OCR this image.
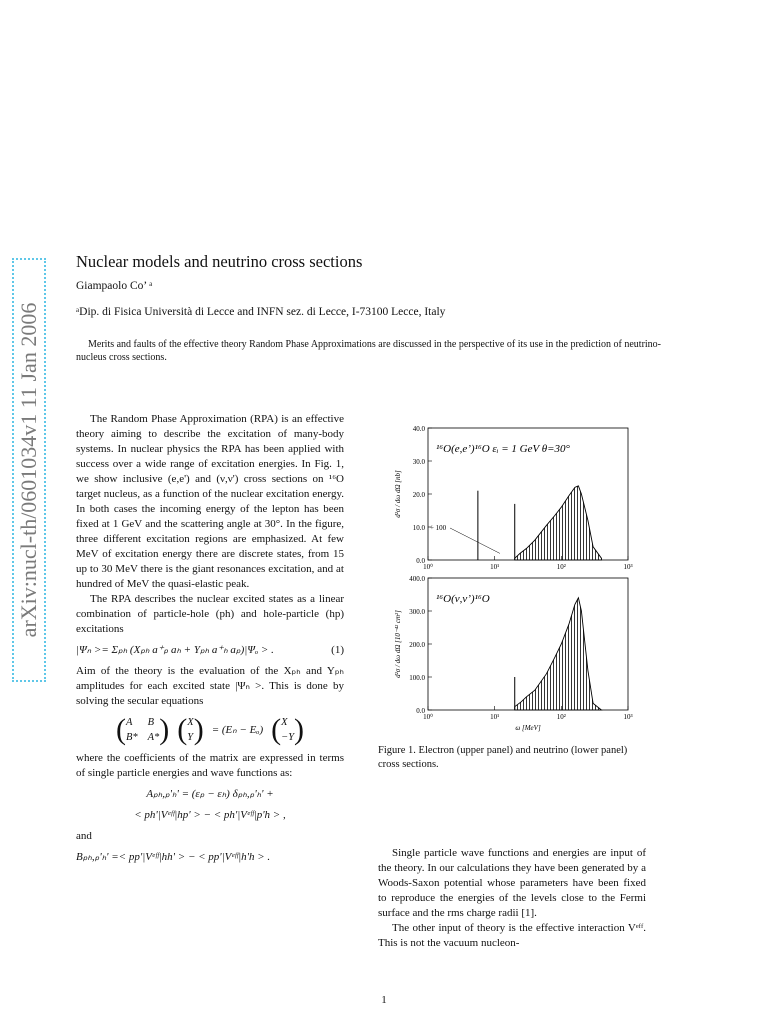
arXiv:nucl-th/0601034v1 11 Jan 2006
Nuclear models and neutrino cross sections
Giampaolo Co’ ᵃ
ᵃDip. di Fisica Università di Lecce and INFN sez. di Lecce, I-73100 Lecce, Italy
Merits and faults of the effective theory Random Phase Approximations are discussed in the perspective of its use in the prediction of neutrino-nucleus cross sections.

The Random Phase Approximation (RPA) is an effective theory aiming to describe the excitation of many-body systems. In nuclear physics the RPA has been applied with success over a wide range of excitation energies. In Fig. 1, we show inclusive (e,e') and (ν,ν') cross sections on ¹⁶O target nucleus, as a function of the nuclear excitation energy. In both cases the incoming energy of the lepton has been fixed at 1 GeV and the scattering angle at 30°. In the figure, three different excitation regions are emphasized. At few MeV of excitation energy there are discrete states, from 15 up to 30 MeV there is the giant resonances excitation, and at hundred of MeV the quasi-elastic peak.

The RPA describes the nuclear excited states as a linear combination of particle-hole (ph) and hole-particle (hp) excitations

|Ψₙ >= Σₚₕ (Xₚₕ a⁺ₚ aₕ + Yₚₕ a⁺ₕ aₚ)|Ψₒ > .	(1)

Aim of the theory is the evaluation of the Xₚₕ and Yₚₕ amplitudes for each excited state |Ψₙ >. This is done by solving the secular equations

( A	B
B* A* ) ( X
Y ) = (Eₙ − Eₒ) ( X
−Y )

where the coefficients of the matrix are expressed in terms of single particle energies and wave functions as:

Aₚₕ,ₚ'ₕ' = (εₚ − εₕ) δₚₕ,ₚ'ₕ' +
< ph'|Vᵉᶠᶠ|hp' > − < ph'|Vᵉᶠᶠ|p'h > ,

and

Bₚₕ,ₚ'ₕ' =< pp'|Vᵉᶠᶠ|hh' > − < pp'|Vᵉᶠᶠ|h'h > .
0.0
10.0
20.0
30.0
40.0
10⁰	10¹	10²	10³
¹⁶O(e,e’)¹⁶O εᵢ = 1 GeV θ=30°
d²σ / dω dΩ [nb]
÷ 100
0.0
100.0
200.0
300.0
400.0
10⁰	10¹	10²	10³
¹⁶O(ν,ν’)¹⁶O
d²σ / dω dΩ [10⁻⁴² cm²]
ω [MeV]
Figure 1. Electron (upper panel) and neutrino (lower panel) cross sections.

Single particle wave functions and energies are input of the theory. In our calculations they have been generated by a Woods-Saxon potential whose parameters have been fixed to reproduce the energies of the levels close to the Fermi surface and the rms charge radii [1].

The other input of theory is the effective interaction Vᵉᶠᶠ. This is not the vacuum nucleon-

1
